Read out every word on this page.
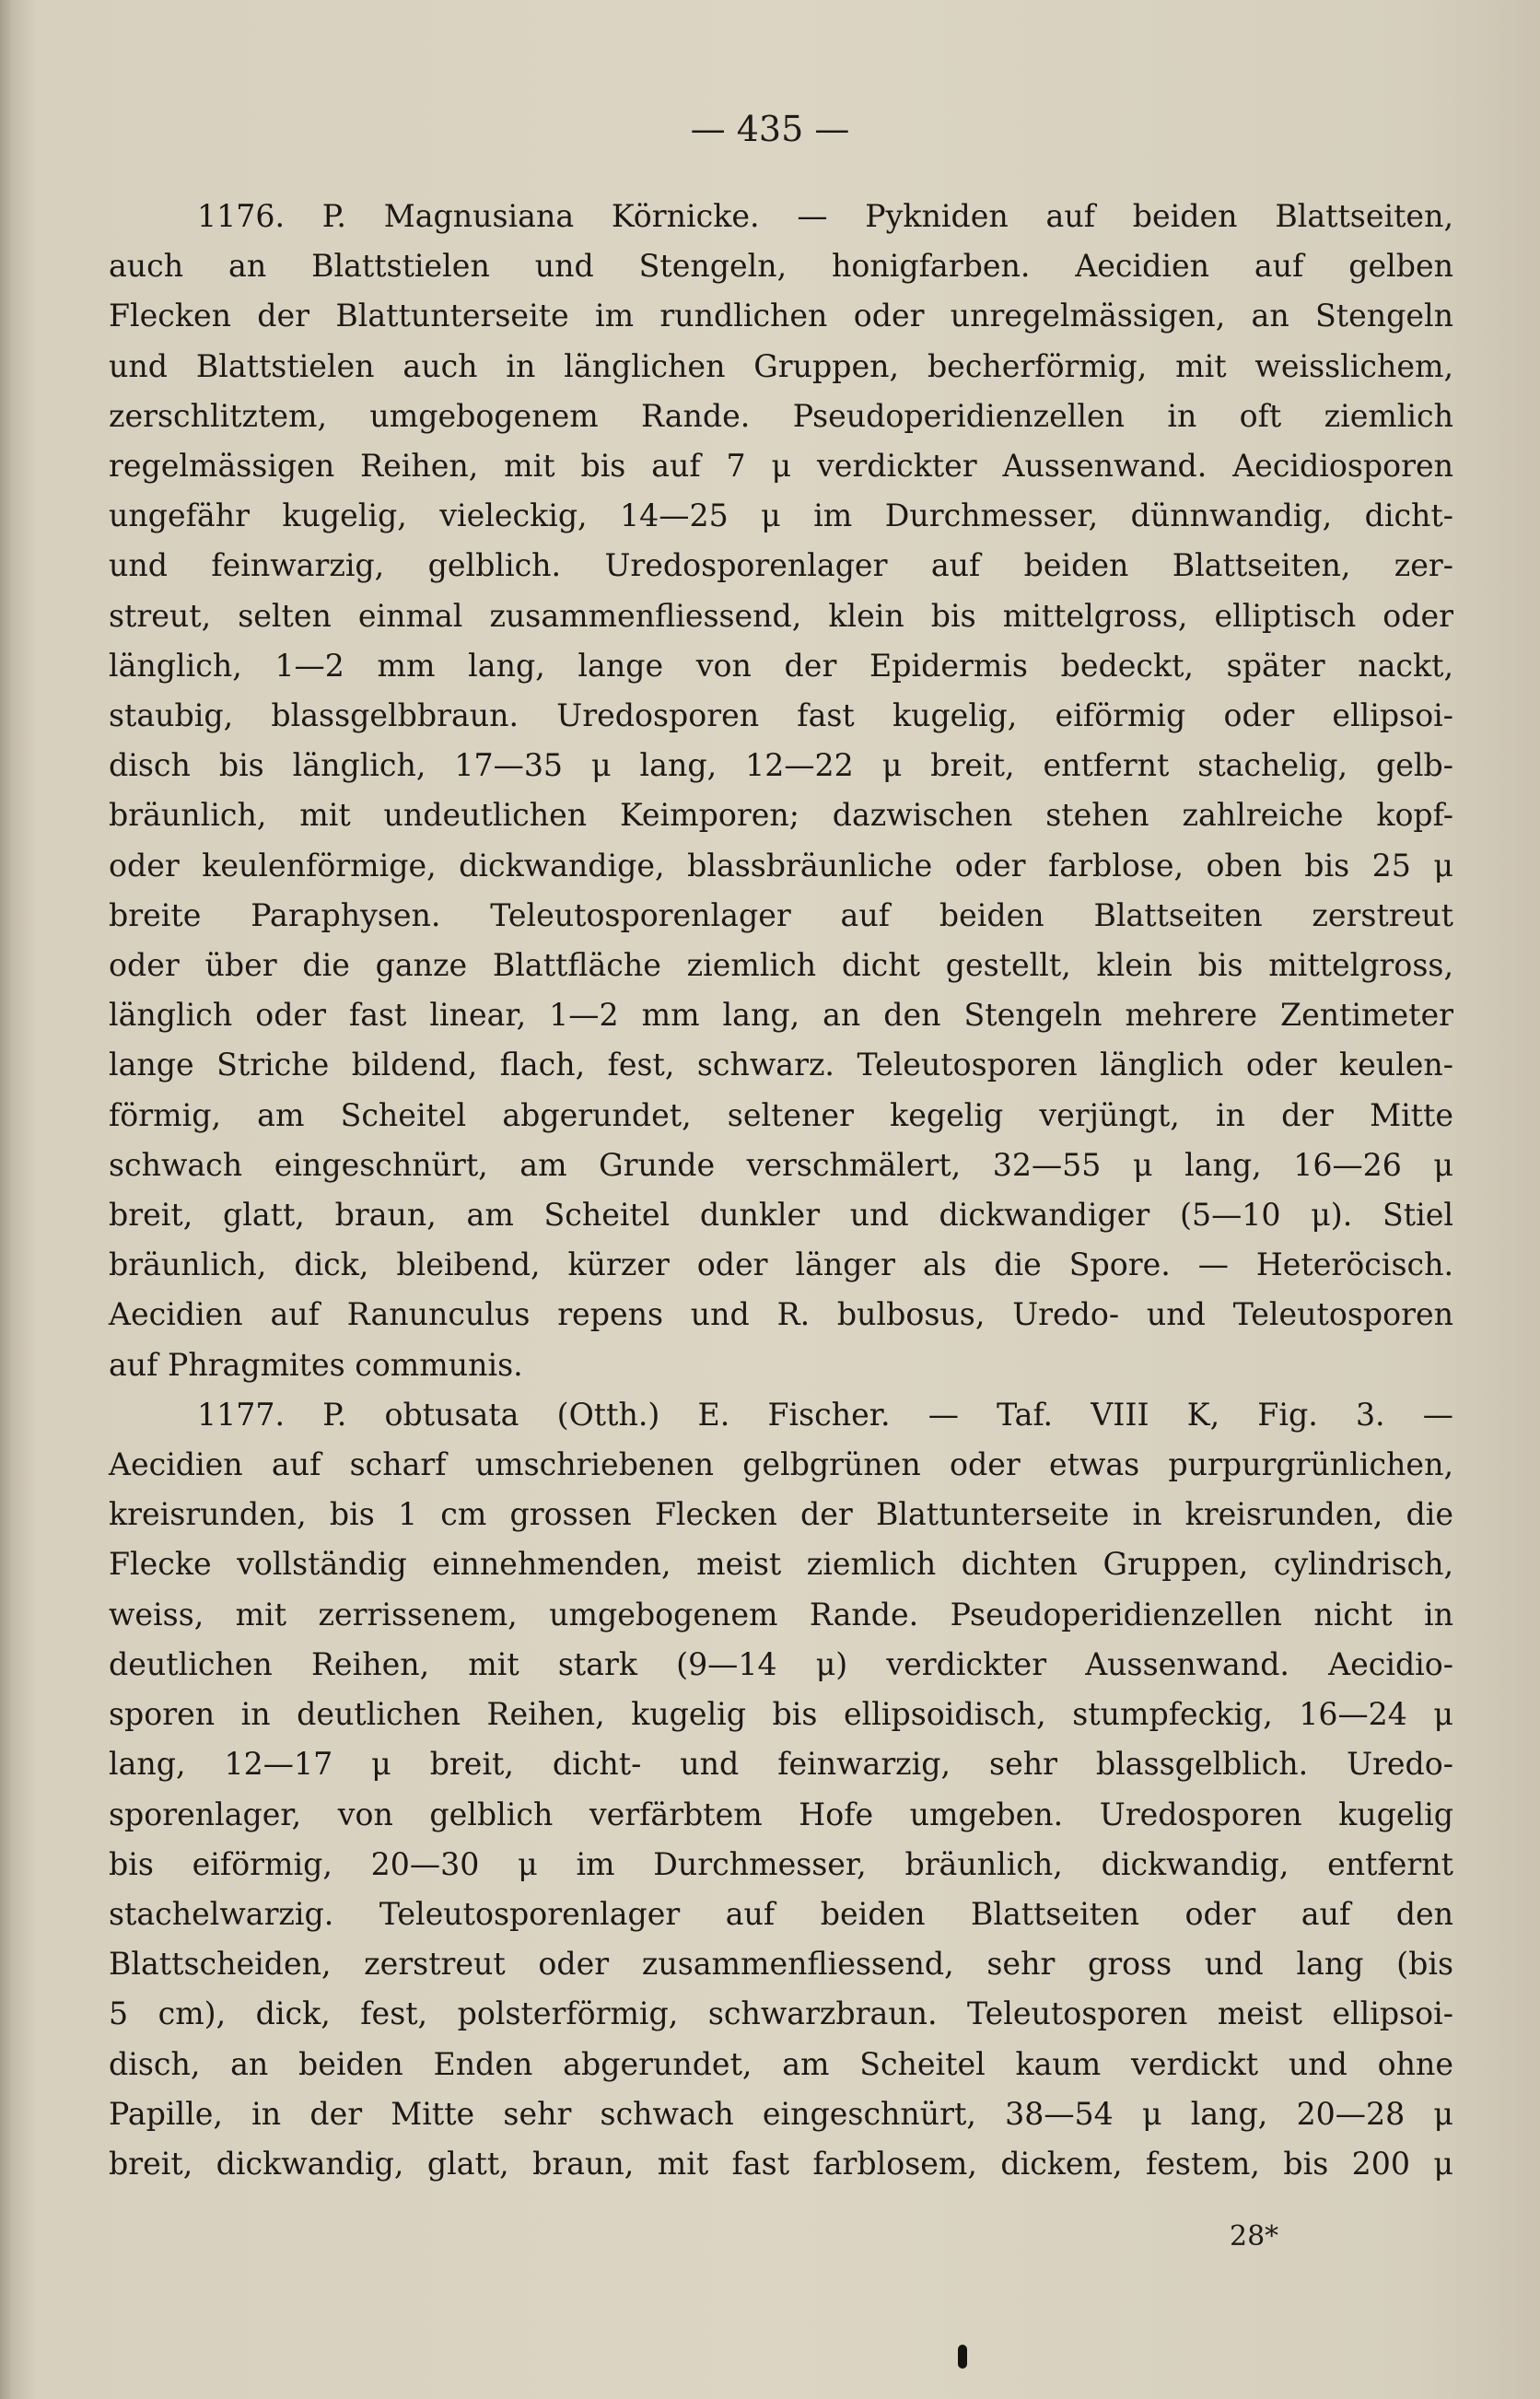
— 435 —
1176. P. Magnusiana Körnicke. — Pykniden auf beiden Blattseiten,
auch an Blattstielen und Stengeln, honigfarben. Aecidien auf gelben
Flecken der Blattunterseite im rundlichen oder unregelmässigen, an Stengeln
und Blattstielen auch in länglichen Gruppen, becherförmig, mit weisslichem,
zerschlitztem, umgebogenem Rande. Pseudoperidienzellen in oft ziemlich
regelmässigen Reihen, mit bis auf 7 μ verdickter Aussenwand. Aecidiosporen
ungefähr kugelig, vieleckig, 14—25 μ im Durchmesser, dünnwandig, dicht-
und feinwarzig, gelblich. Uredosporenlager auf beiden Blattseiten, zer-
streut, selten einmal zusammenfliessend, klein bis mittelgross, elliptisch oder
länglich, 1—2 mm lang, lange von der Epidermis bedeckt, später nackt,
staubig, blassgelbbraun. Uredosporen fast kugelig, eiförmig oder ellipsoi-
disch bis länglich, 17—35 μ lang, 12—22 μ breit, entfernt stachelig, gelb-
bräunlich, mit undeutlichen Keimporen; dazwischen stehen zahlreiche kopf-
oder keulenförmige, dickwandige, blassbräunliche oder farblose, oben bis 25 μ
breite Paraphysen. Teleutosporenlager auf beiden Blattseiten zerstreut
oder über die ganze Blattfläche ziemlich dicht gestellt, klein bis mittelgross,
länglich oder fast linear, 1—2 mm lang, an den Stengeln mehrere Zentimeter
lange Striche bildend, flach, fest, schwarz. Teleutosporen länglich oder keulen-
förmig, am Scheitel abgerundet, seltener kegelig verjüngt, in der Mitte
schwach eingeschnürt, am Grunde verschmälert, 32—55 μ lang, 16—26 μ
breit, glatt, braun, am Scheitel dunkler und dickwandiger (5—10 μ). Stiel
bräunlich, dick, bleibend, kürzer oder länger als die Spore. — Heteröcisch.
Aecidien auf Ranunculus repens und R. bulbosus, Uredo- und Teleutosporen
auf Phragmites communis.
1177. P. obtusata (Otth.) E. Fischer. — Taf. VIII K, Fig. 3. —
Aecidien auf scharf umschriebenen gelbgrünen oder etwas purpurgrünlichen,
kreisrunden, bis 1 cm grossen Flecken der Blattunterseite in kreisrunden, die
Flecke vollständig einnehmenden, meist ziemlich dichten Gruppen, cylindrisch,
weiss, mit zerrissenem, umgebogenem Rande. Pseudoperidienzellen nicht in
deutlichen Reihen, mit stark (9—14 μ) verdickter Aussenwand. Aecidio-
sporen in deutlichen Reihen, kugelig bis ellipsoidisch, stumpfeckig, 16—24 μ
lang, 12—17 μ breit, dicht- und feinwarzig, sehr blassgelblich. Uredo-
sporenlager, von gelblich verfärbtem Hofe umgeben. Uredosporen kugelig
bis eiförmig, 20—30 μ im Durchmesser, bräunlich, dickwandig, entfernt
stachelwarzig. Teleutosporenlager auf beiden Blattseiten oder auf den
Blattscheiden, zerstreut oder zusammenfliessend, sehr gross und lang (bis
5 cm), dick, fest, polsterförmig, schwarzbraun. Teleutosporen meist ellipsoi-
disch, an beiden Enden abgerundet, am Scheitel kaum verdickt und ohne
Papille, in der Mitte sehr schwach eingeschnürt, 38—54 μ lang, 20—28 μ
breit, dickwandig, glatt, braun, mit fast farblosem, dickem, festem, bis 200 μ
28*
